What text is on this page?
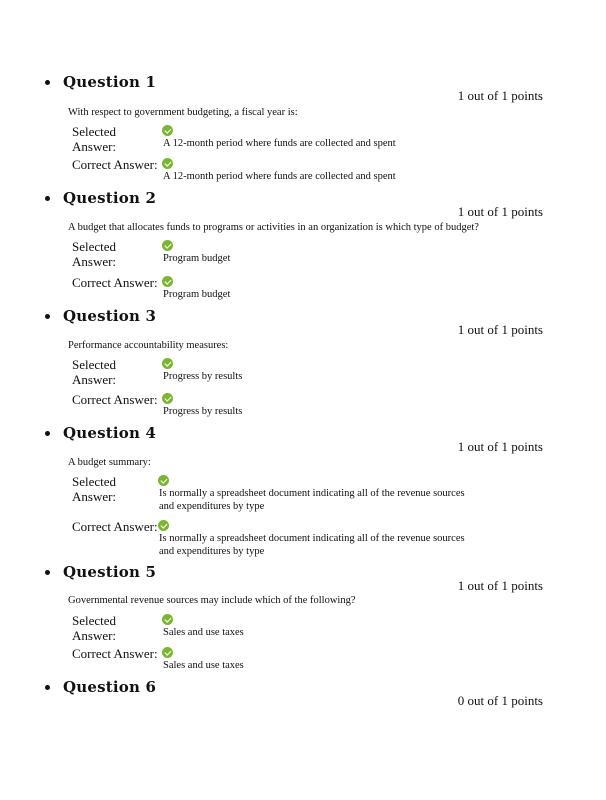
Question 1
1 out of 1 points
With respect to government budgeting, a fiscal year is:
Selected Answer:	A 12-month period where funds are collected and spent
Correct Answer:
A 12-month period where funds are collected and spent
Question 2
1 out of 1 points
A budget that allocates funds to programs or activities in an organization is which type of budget?
Selected Answer:	Program budget
Correct Answer:
Program budget
Question 3
1 out of 1 points
Performance accountability measures:
Selected Answer:	Progress by results
Correct Answer:
Progress by results
Question 4
1 out of 1 points
A budget summary:
Selected Answer:	Is normally a spreadsheet document indicating all of the revenue sources and expenditures by type
Correct Answer:
Is normally a spreadsheet document indicating all of the revenue sources and expenditures by type
Question 5
1 out of 1 points
Governmental revenue sources may include which of the following?
Selected Answer:	Sales and use taxes
Correct Answer:
Sales and use taxes
Question 6
0 out of 1 points
